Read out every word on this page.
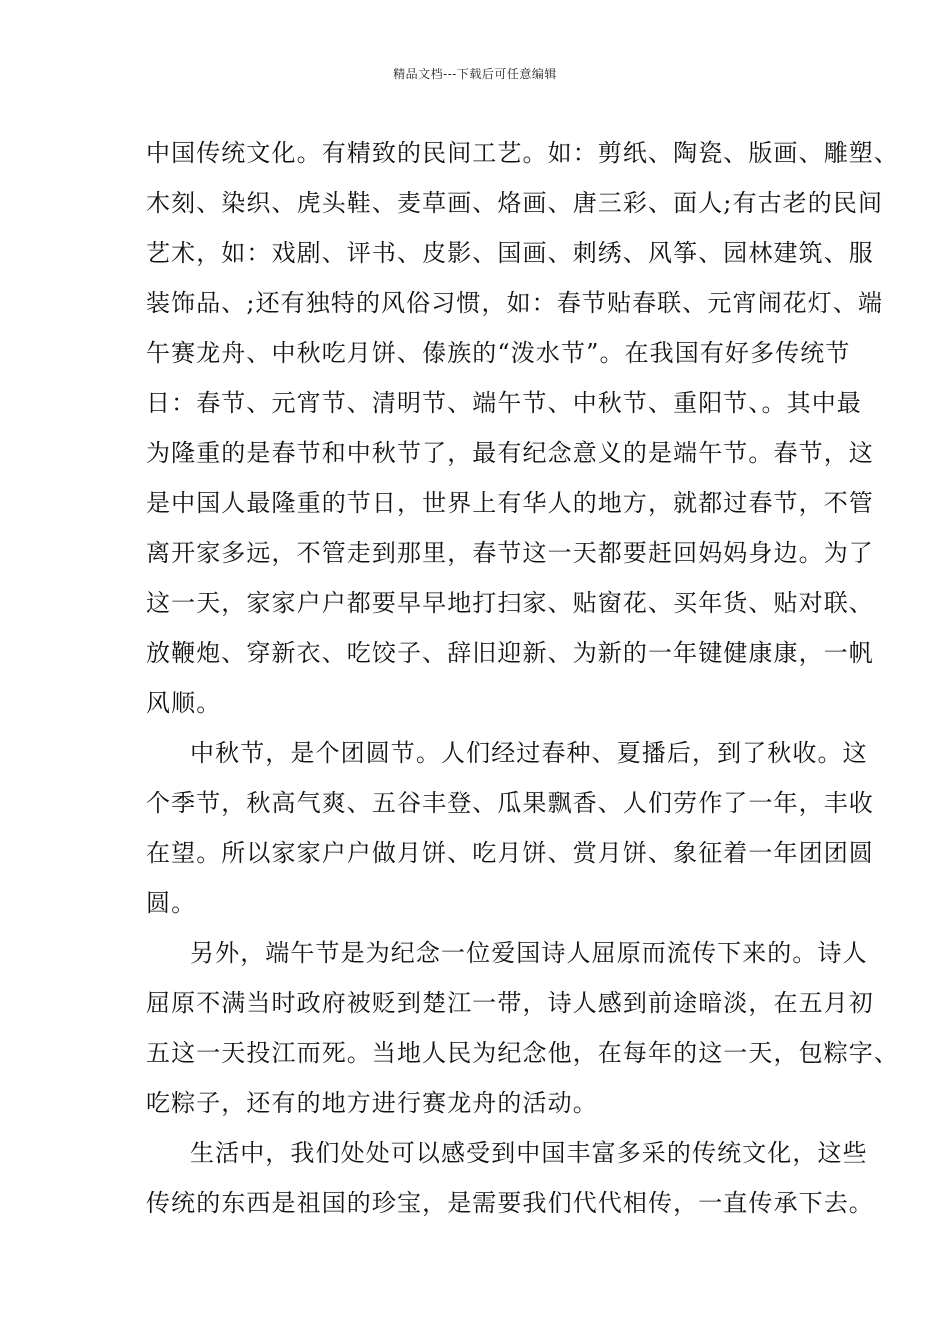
精品文档---下载后可任意编辑

中国传统文化。有精致的民间工艺。如：剪纸、陶瓷、版画、雕塑、
木刻、染织、虎头鞋、麦草画、烙画、唐三彩、面人;有古老的民间
艺术，如：戏剧、评书、皮影、国画、刺绣、风筝、园林建筑、服
装饰品、;还有独特的风俗习惯，如：春节贴春联、元宵闹花灯、端
午赛龙舟、中秋吃月饼、傣族的“泼水节”。在我国有好多传统节
日：春节、元宵节、清明节、端午节、中秋节、重阳节、。其中最
为隆重的是春节和中秋节了，最有纪念意义的是端午节。春节，这
是中国人最隆重的节日，世界上有华人的地方，就都过春节，不管
离开家多远，不管走到那里，春节这一天都要赶回妈妈身边。为了
这一天，家家户户都要早早地打扫家、贴窗花、买年货、贴对联、
放鞭炮、穿新衣、吃饺子、辞旧迎新、为新的一年键健康康，一帆
风顺。

中秋节，是个团圆节。人们经过春种、夏播后，到了秋收。这
个季节，秋高气爽、五谷丰登、瓜果飘香、人们劳作了一年，丰收
在望。所以家家户户做月饼、吃月饼、赏月饼、象征着一年团团圆
圆。

另外，端午节是为纪念一位爱国诗人屈原而流传下来的。诗人
屈原不满当时政府被贬到楚江一带，诗人感到前途暗淡，在五月初
五这一天投江而死。当地人民为纪念他，在每年的这一天，包粽字、
吃粽子，还有的地方进行赛龙舟的活动。

生活中，我们处处可以感受到中国丰富多采的传统文化，这些
传统的东西是祖国的珍宝，是需要我们代代相传，一直传承下去。
